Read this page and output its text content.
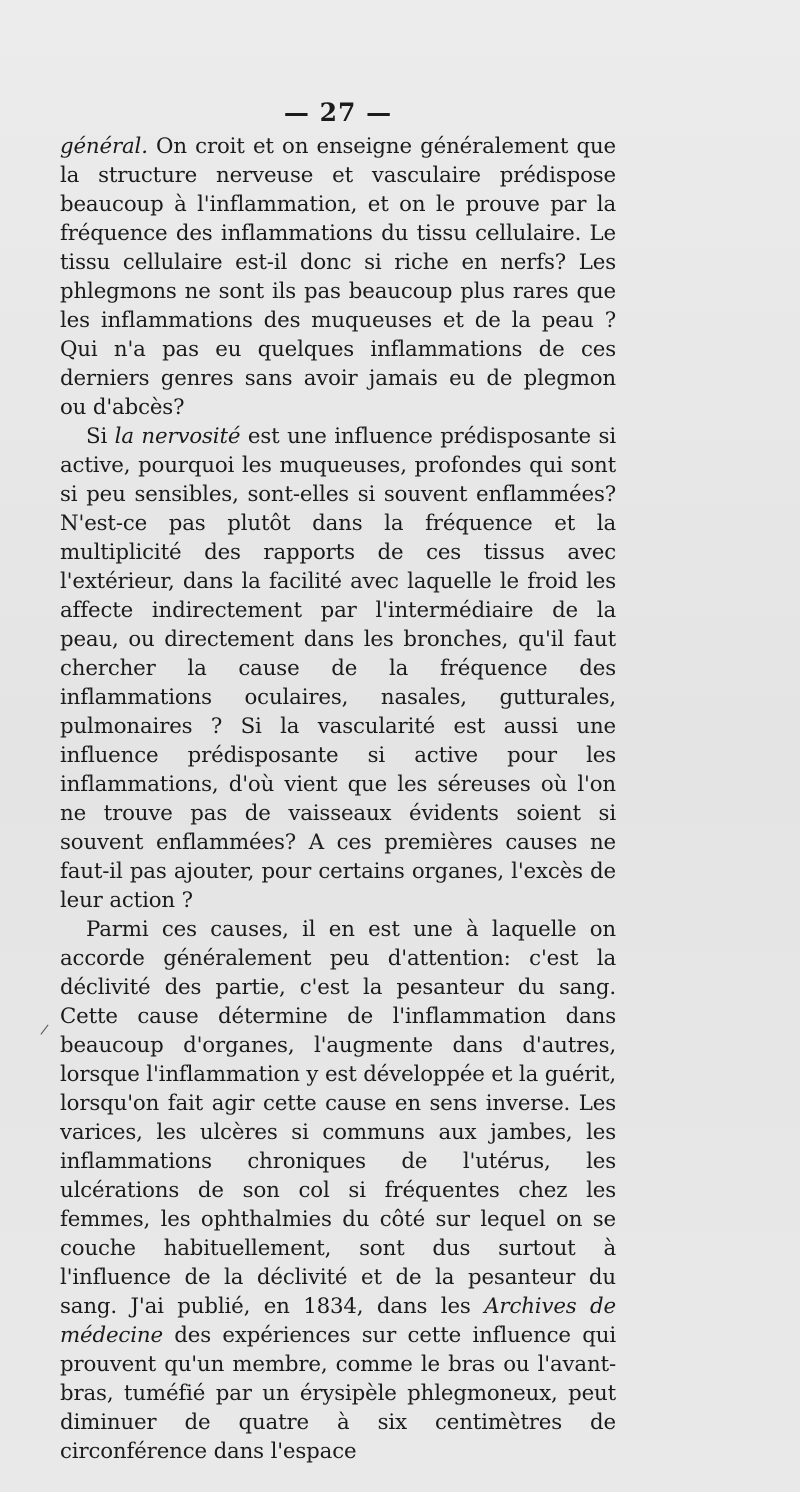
— 27 —

général. On croit et on enseigne généralement que la structure nerveuse et vasculaire prédispose beaucoup à l'inflammation, et on le prouve par la fréquence des inflammations du tissu cellulaire. Le tissu cellulaire est-il donc si riche en nerfs? Les phlegmons ne sont ils pas beaucoup plus rares que les inflammations des muqueuses et de la peau ? Qui n'a pas eu quelques inflammations de ces derniers genres sans avoir jamais eu de plegmon ou d'abcès?

Si la nervosité est une influence prédisposante si active, pourquoi les muqueuses, profondes qui sont si peu sensibles, sont-elles si souvent enflammées? N'est-ce pas plutôt dans la fréquence et la multiplicité des rapports de ces tissus avec l'extérieur, dans la facilité avec laquelle le froid les affecte indirectement par l'intermédiaire de la peau, ou directement dans les bronches, qu'il faut chercher la cause de la fréquence des inflammations oculaires, nasales, gutturales, pulmonaires ? Si la vascularité est aussi une influence prédisposante si active pour les inflammations, d'où vient que les séreuses où l'on ne trouve pas de vaisseaux évidents soient si souvent enflammées? A ces premières causes ne faut-il pas ajouter, pour certains organes, l'excès de leur action ?

Parmi ces causes, il en est une à laquelle on accorde généralement peu d'attention: c'est la déclivité des partie, c'est la pesanteur du sang. Cette cause détermine de l'inflammation dans beaucoup d'organes, l'augmente dans d'autres, lorsque l'inflammation y est développée et la guérit, lorsqu'on fait agir cette cause en sens inverse. Les varices, les ulcères si communs aux jambes, les inflammations chroniques de l'utérus, les ulcérations de son col si fréquentes chez les femmes, les ophthalmies du côté sur lequel on se couche habituellement, sont dus surtout à l'influence de la déclivité et de la pesanteur du sang. J'ai publié, en 1834, dans les Archives de médecine des expériences sur cette influence qui prouvent qu'un membre, comme le bras ou l'avant-bras, tuméfié par un érysipèle phlegmoneux, peut diminuer de quatre à six centimètres de circonférence dans l'espace

/
